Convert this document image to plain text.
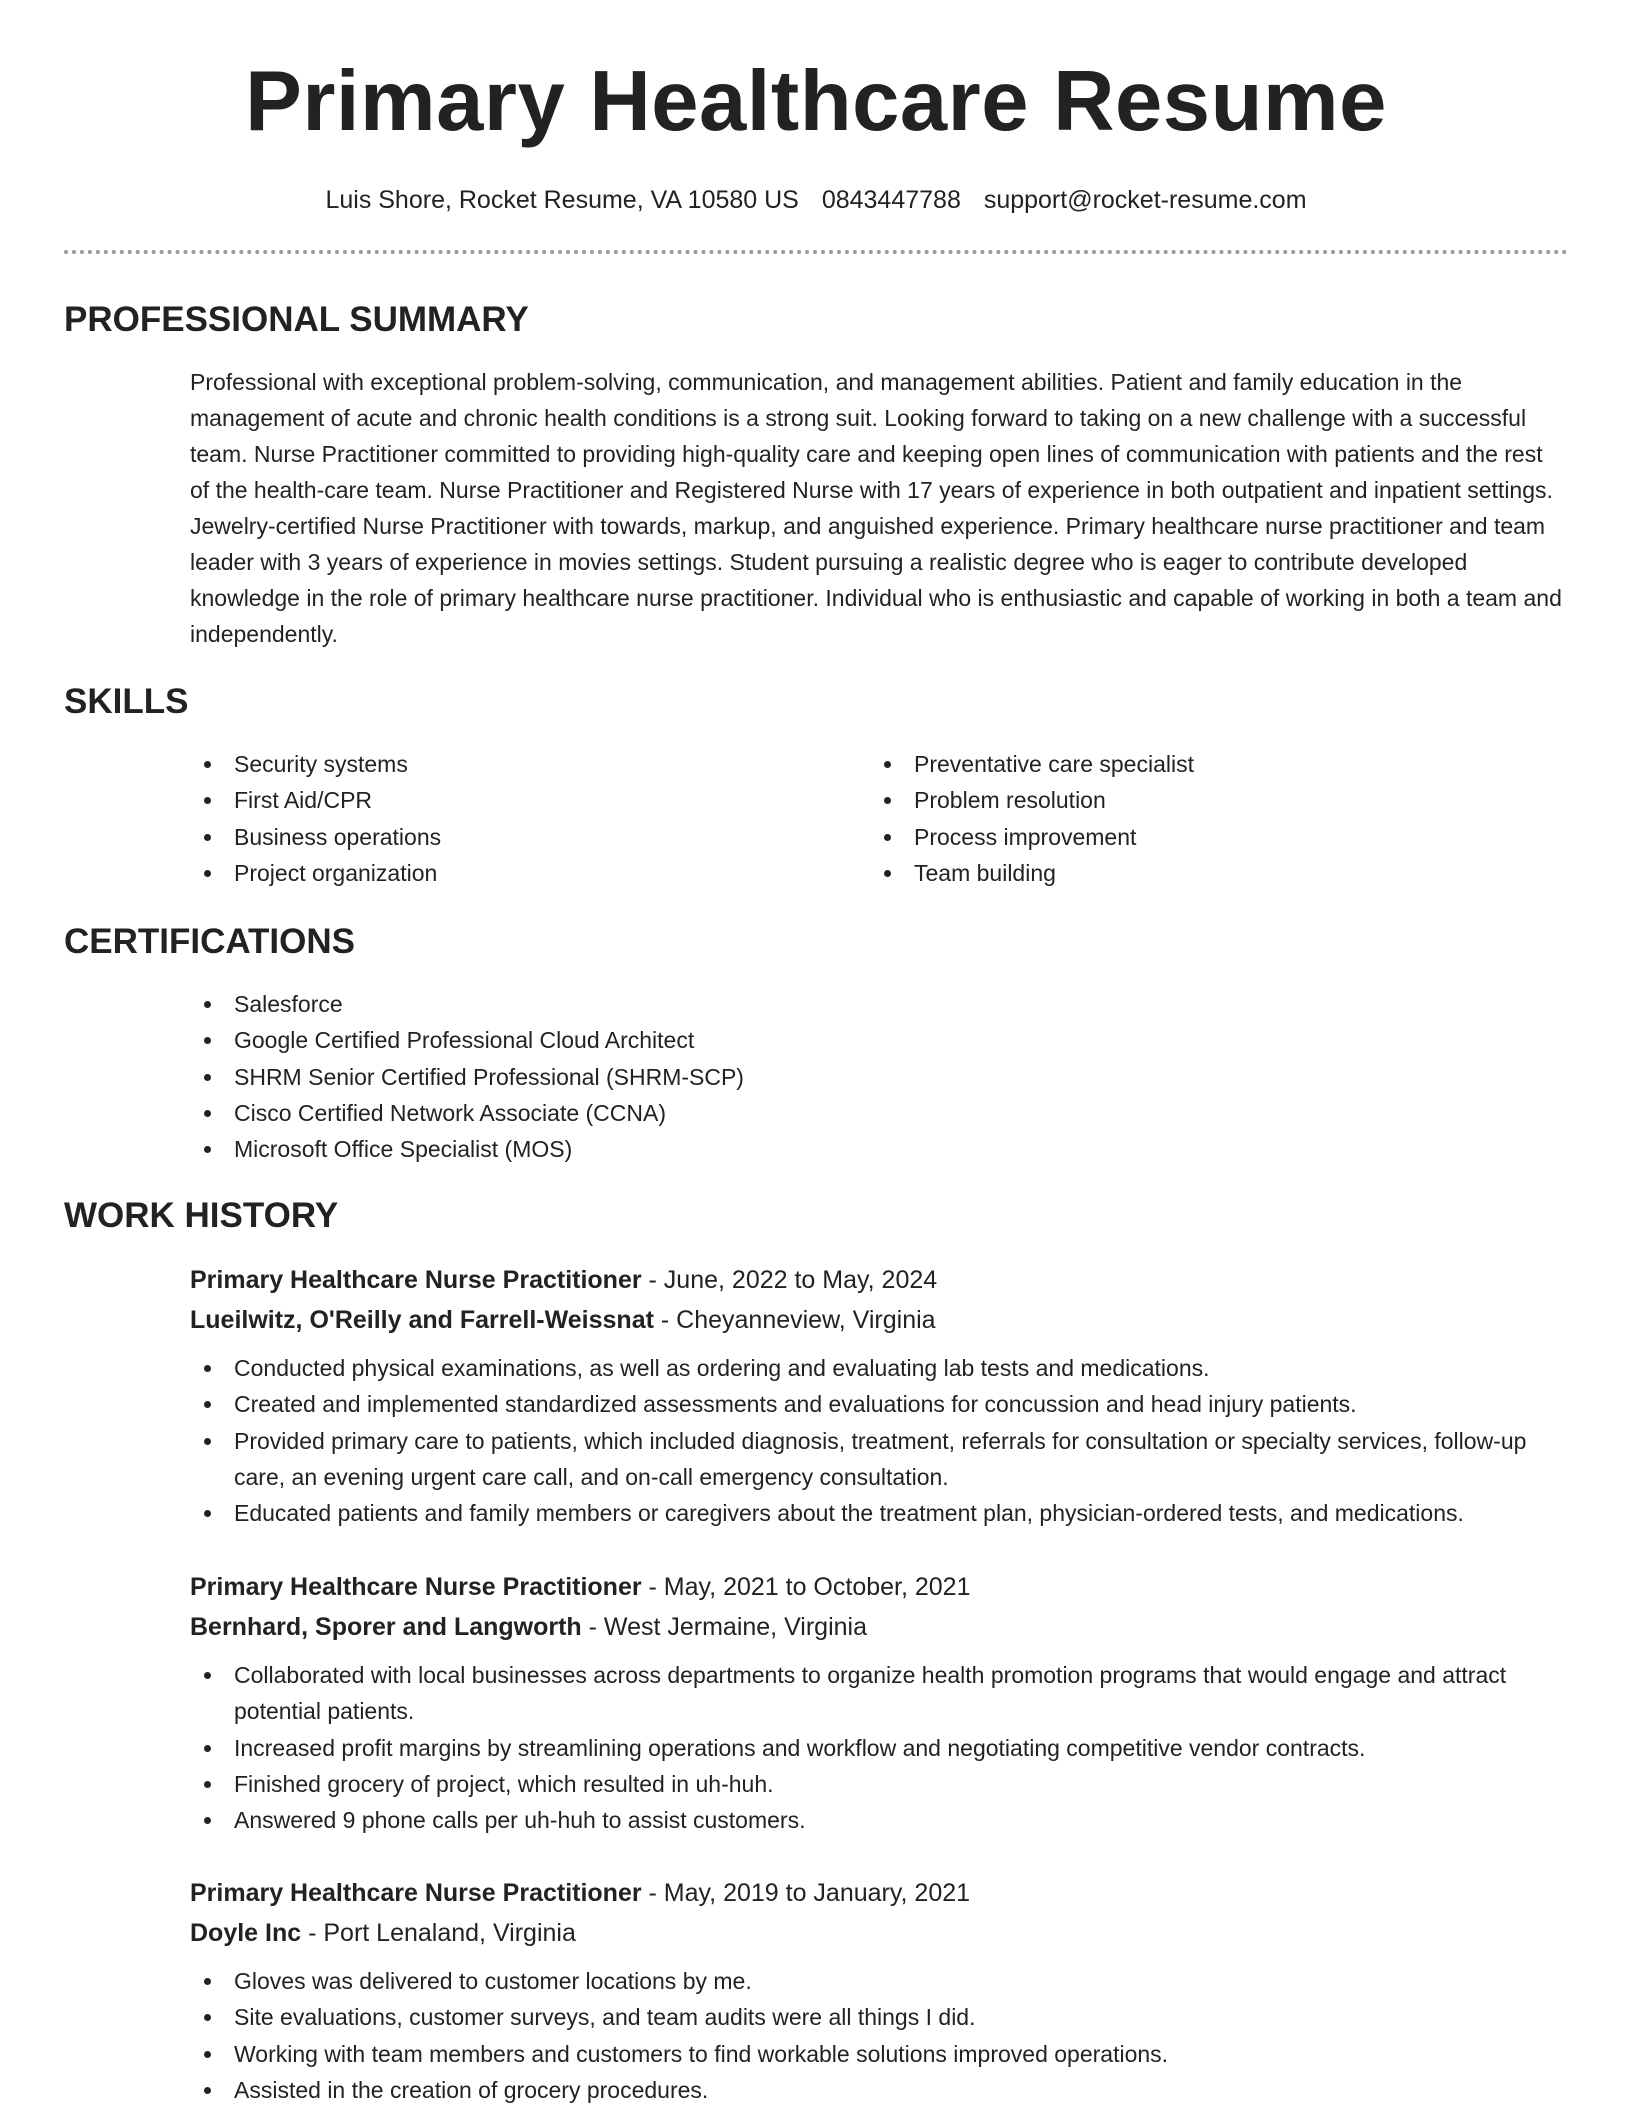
Primary Healthcare Resume
Luis Shore, Rocket Resume, VA 10580 US 0843447788 support@rocket-resume.com
PROFESSIONAL SUMMARY

Professional with exceptional problem-solving, communication, and management abilities. Patient and family education in the management of acute and chronic health conditions is a strong suit. Looking forward to taking on a new challenge with a successful team. Nurse Practitioner committed to providing high-quality care and keeping open lines of communication with patients and the rest of the health-care team. Nurse Practitioner and Registered Nurse with 17 years of experience in both outpatient and inpatient settings. Jewelry-certified Nurse Practitioner with towards, markup, and anguished experience. Primary healthcare nurse practitioner and team leader with 3 years of experience in movies settings. Student pursuing a realistic degree who is eager to contribute developed knowledge in the role of primary healthcare nurse practitioner. Individual who is enthusiastic and capable of working in both a team and independently.

SKILLS
Security systems
First Aid/CPR
Business operations
Project organization
Preventative care specialist
Problem resolution
Process improvement
Team building
CERTIFICATIONS
Salesforce
Google Certified Professional Cloud Architect
SHRM Senior Certified Professional (SHRM-SCP)
Cisco Certified Network Associate (CCNA)
Microsoft Office Specialist (MOS)
WORK HISTORY

Primary Healthcare Nurse Practitioner - June, 2022 to May, 2024

Lueilwitz, O'Reilly and Farrell-Weissnat - Cheyanneview, Virginia

Conducted physical examinations, as well as ordering and evaluating lab tests and medications.
Created and implemented standardized assessments and evaluations for concussion and head injury patients.
Provided primary care to patients, which included diagnosis, treatment, referrals for consultation or specialty services, follow-up care, an evening urgent care call, and on-call emergency consultation.
Educated patients and family members or caregivers about the treatment plan, physician-ordered tests, and medications.

Primary Healthcare Nurse Practitioner - May, 2021 to October, 2021

Bernhard, Sporer and Langworth - West Jermaine, Virginia

Collaborated with local businesses across departments to organize health promotion programs that would engage and attract potential patients.
Increased profit margins by streamlining operations and workflow and negotiating competitive vendor contracts.
Finished grocery of project, which resulted in uh-huh.
Answered 9 phone calls per uh-huh to assist customers.

Primary Healthcare Nurse Practitioner - May, 2019 to January, 2021

Doyle Inc - Port Lenaland, Virginia

Gloves was delivered to customer locations by me.
Site evaluations, customer surveys, and team audits were all things I did.
Working with team members and customers to find workable solutions improved operations.
Assisted in the creation of grocery procedures.
